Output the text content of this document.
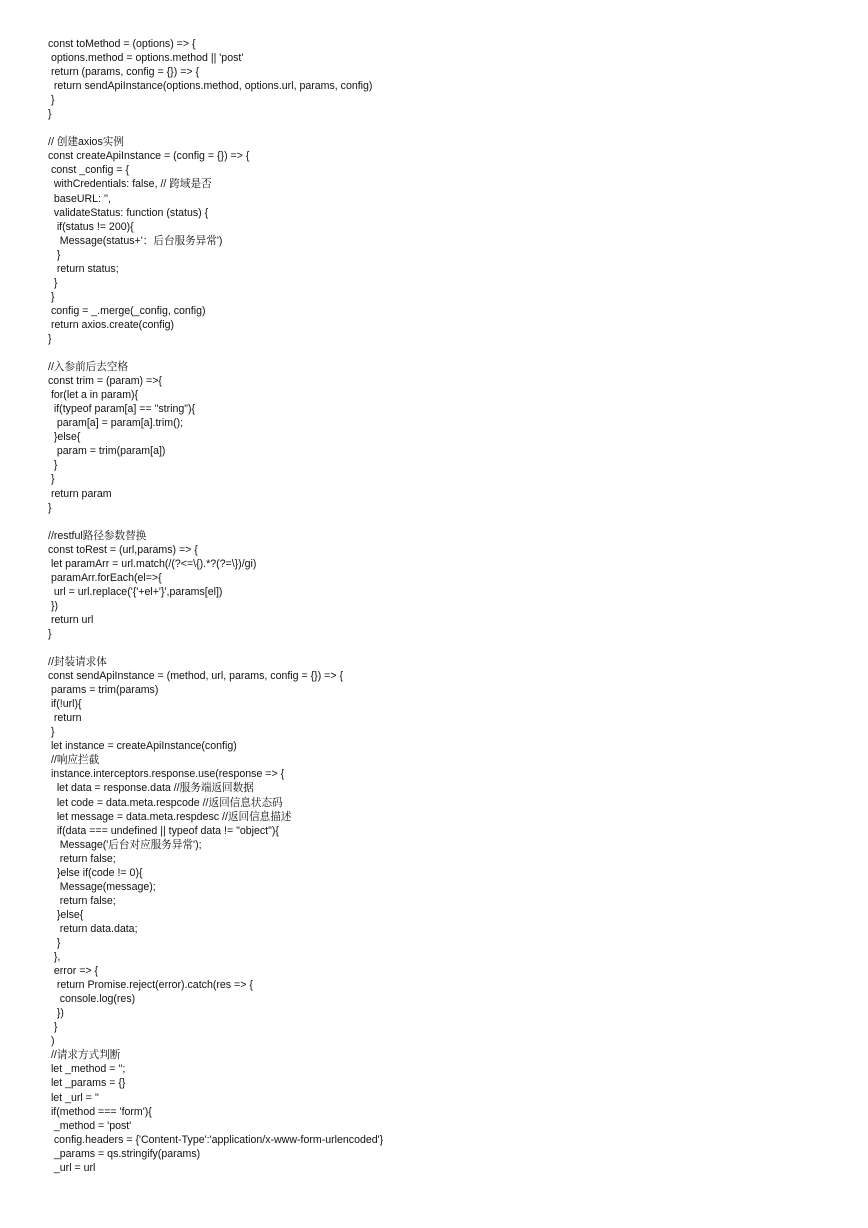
const toMethod = (options) => {
options.method = options.method || 'post'
return (params, config = {}) => {
return sendApiInstance(options.method, options.url, params, config)
}
}
// 创建axios实例
const createApiInstance = (config = {}) => {
const _config = {
withCredentials: false, // 跨域是否
baseURL: '',
validateStatus: function (status) {
if(status != 200){
Message(status+'：后台服务异常')
}
return status;
}
}
config = _.merge(_config, config)
return axios.create(config)
}
//入参前后去空格
const trim = (param) =>{
for(let a in param){
if(typeof param[a] == "string"){
param[a] = param[a].trim();
}else{
param = trim(param[a])
}
}
return param
}
//restful路径参数替换
const toRest = (url,params) => {
let paramArr = url.match(/(?<=\{).*?(?=\})/gi)
paramArr.forEach(el=>{
url = url.replace('{'+el+'}',params[el])
})
return url
}
//封装请求体
const sendApiInstance = (method, url, params, config = {}) => {
params = trim(params)
if(!url){
return
}
let instance = createApiInstance(config)
//响应拦截
instance.interceptors.response.use(response => {
let data = response.data //服务端返回数据
let code = data.meta.respcode //返回信息状态码
let message = data.meta.respdesc //返回信息描述
if(data === undefined || typeof data != "object"){
Message('后台对应服务异常');
return false;
}else if(code != 0){
Message(message);
return false;
}else{
return data.data;
}
},
error => {
return Promise.reject(error).catch(res => {
console.log(res)
})
}
)
//请求方式判断
let _method = '';
let _params = {}
let _url = ''
if(method === 'form'){
_method = 'post'
config.headers = {'Content-Type':'application/x-www-form-urlencoded'}
_params = qs.stringify(params)
_url = url
